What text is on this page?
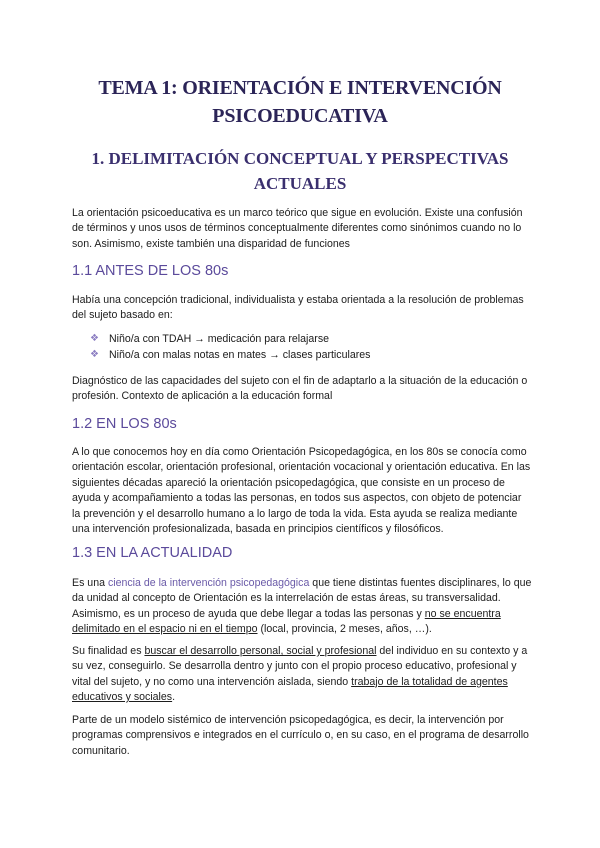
TEMA 1: ORIENTACIÓN E INTERVENCIÓN PSICOEDUCATIVA
1. DELIMITACIÓN CONCEPTUAL Y PERSPECTIVAS ACTUALES
La orientación psicoeducativa es un marco teórico que sigue en evolución. Existe una confusión de términos y unos usos de términos conceptualmente diferentes como sinónimos cuando no lo son. Asimismo, existe también una disparidad de funciones
1.1 ANTES DE LOS 80s
Había una concepción tradicional, individualista y estaba orientada a la resolución de problemas del sujeto basado en:
❖ Niño/a con TDAH → medicación para relajarse
❖ Niño/a con malas notas en mates → clases particulares
Diagnóstico de las capacidades del sujeto con el fin de adaptarlo a la situación de la educación o profesión. Contexto de aplicación a la educación formal
1.2 EN LOS 80s
A lo que conocemos hoy en día como Orientación Psicopedagógica, en los 80s se conocía como orientación escolar, orientación profesional, orientación vocacional y orientación educativa. En las siguientes décadas apareció la orientación psicopedagógica, que consiste en un proceso de ayuda y acompañamiento a todas las personas, en todos sus aspectos, con objeto de potenciar la prevención y el desarrollo humano a lo largo de toda la vida. Esta ayuda se realiza mediante una intervención profesionalizada, basada en principios científicos y filosóficos.
1.3 EN LA ACTUALIDAD
Es una ciencia de la intervención psicopedagógica que tiene distintas fuentes disciplinares, lo que da unidad al concepto de Orientación es la interrelación de estas áreas, su transversalidad. Asimismo, es un proceso de ayuda que debe llegar a todas las personas y no se encuentra delimitado en el espacio ni en el tiempo (local, provincia, 2 meses, años, …).
Su finalidad es buscar el desarrollo personal, social y profesional del individuo en su contexto y a su vez, conseguirlo. Se desarrolla dentro y junto con el propio proceso educativo, profesional y vital del sujeto, y no como una intervención aislada, siendo trabajo de la totalidad de agentes educativos y sociales.
Parte de un modelo sistémico de intervención psicopedagógica, es decir, la intervención por programas comprensivos e integrados en el currículo o, en su caso, en el programa de desarrollo comunitario.
